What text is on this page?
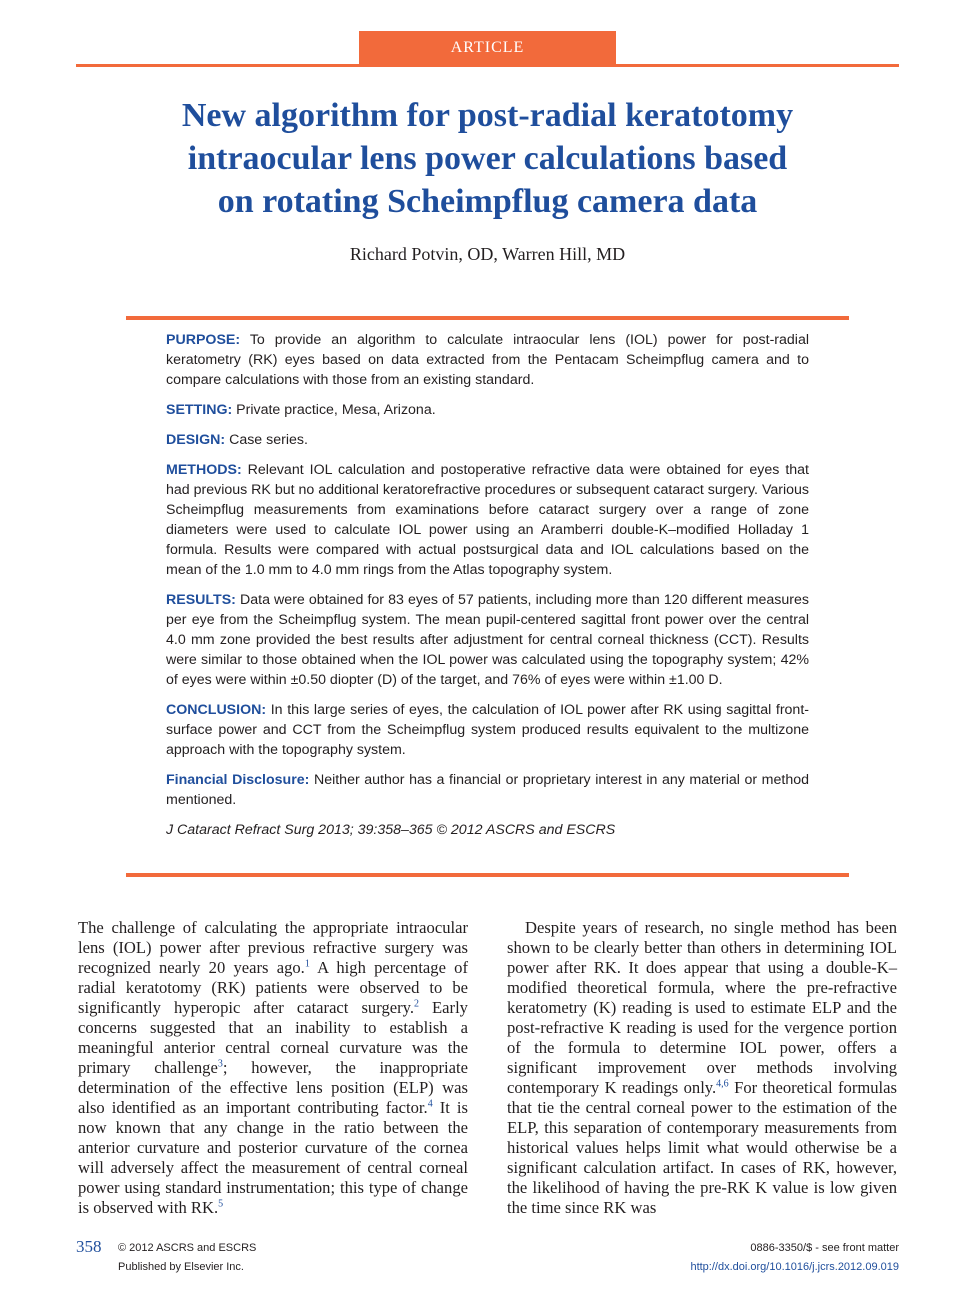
ARTICLE
New algorithm for post-radial keratotomy
intraocular lens power calculations based
on rotating Scheimpflug camera data
Richard Potvin, OD, Warren Hill, MD

PURPOSE: To provide an algorithm to calculate intraocular lens (IOL) power for post-radial keratometry (RK) eyes based on data extracted from the Pentacam Scheimpflug camera and to compare calculations with those from an existing standard.

SETTING: Private practice, Mesa, Arizona.

DESIGN: Case series.

METHODS: Relevant IOL calculation and postoperative refractive data were obtained for eyes that had previous RK but no additional keratorefractive procedures or subsequent cataract surgery. Various Scheimpflug measurements from examinations before cataract surgery over a range of zone diameters were used to calculate IOL power using an Aramberri double-K–modified Holladay 1 formula. Results were compared with actual postsurgical data and IOL calculations based on the mean of the 1.0 mm to 4.0 mm rings from the Atlas topography system.

RESULTS: Data were obtained for 83 eyes of 57 patients, including more than 120 different measures per eye from the Scheimpflug system. The mean pupil-centered sagittal front power over the central 4.0 mm zone provided the best results after adjustment for central corneal thickness (CCT). Results were similar to those obtained when the IOL power was calculated using the topography system; 42% of eyes were within ±0.50 diopter (D) of the target, and 76% of eyes were within ±1.00 D.

CONCLUSION: In this large series of eyes, the calculation of IOL power after RK using sagittal front-surface power and CCT from the Scheimpflug system produced results equivalent to the multizone approach with the topography system.

Financial Disclosure: Neither author has a financial or proprietary interest in any material or method mentioned.

J Cataract Refract Surg 2013; 39:358–365 © 2012 ASCRS and ESCRS

The challenge of calculating the appropriate intraocular lens (IOL) power after previous refractive surgery was recognized nearly 20 years ago.$^1$ A high percentage of radial keratotomy (RK) patients were observed to be significantly hyperopic after cataract surgery.$^2$ Early concerns suggested that an inability to establish a meaningful anterior central corneal curvature was the primary challenge$^3$; however, the inappropriate determination of the effective lens position (ELP) was also identified as an important contributing factor.$^4$ It is now known that any change in the ratio between the anterior curvature and posterior curvature of the cornea will adversely affect the measurement of central corneal power using standard instrumentation; this type of change is observed with RK.$^5$

Despite years of research, no single method has been shown to be clearly better than others in determining IOL power after RK. It does appear that using a double-K–modified theoretical formula, where the pre-refractive keratometry (K) reading is used to estimate ELP and the post-refractive K reading is used for the vergence portion of the formula to determine IOL power, offers a significant improvement over methods involving contemporary K readings only.$^{4,6}$ For theoretical formulas that tie the central corneal power to the estimation of the ELP, this separation of contemporary measurements from historical values helps limit what would otherwise be a significant calculation artifact. In cases of RK, however, the likelihood of having the pre-RK K value is low given the time since RK was

358 © 2012 ASCRS and ESCRS
Published by Elsevier Inc.
0886-3350/$ - see front matter
http://dx.doi.org/10.1016/j.jcrs.2012.09.019
